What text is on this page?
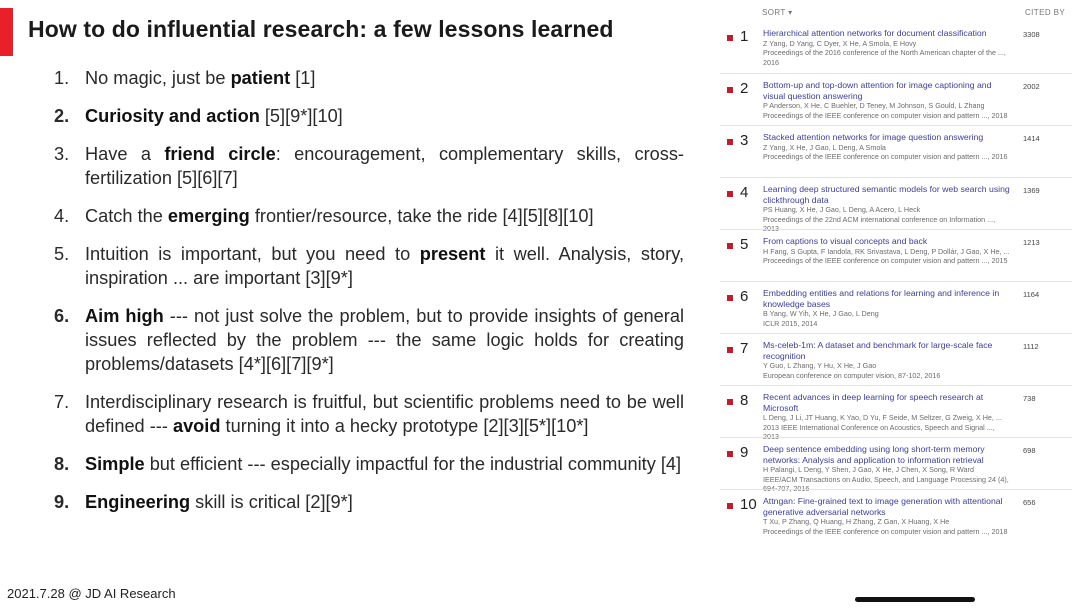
How to do influential research: a few lessons learned
1. No magic, just be patient [1]
2. Curiosity and action [5][9*][10]
3. Have a friend circle: encouragement, complementary skills, cross-fertilization [5][6][7]
4. Catch the emerging frontier/resource, take the ride [4][5][8][10]
5. Intuition is important, but you need to present it well. Analysis, story, inspiration ... are important [3][9*]
6. Aim high --- not just solve the problem, but to provide insights of general issues reflected by the problem --- the same logic holds for creating problems/datasets [4*][6][7][9*]
7. Interdisciplinary research is fruitful, but scientific problems need to be well defined --- avoid turning it into a hecky prototype [2][3][5*][10*]
8. Simple but efficient --- especially impactful for the industrial community [4]
9. Engineering skill is critical [2][9*]
2021.7.28 @ JD AI Research
SORT ▾	CITED BY
1	Hierarchical attention networks for document classification
Z Yang, D Yang, C Dyer, X He, A Smola, E Hovy
Proceedings of the 2016 conference of the North American chapter of the ..., 2016
3308
2	Bottom-up and top-down attention for image captioning and visual question answering
P Anderson, X He, C Buehler, D Teney, M Johnson, S Gould, L Zhang
Proceedings of the IEEE conference on computer vision and pattern ..., 2018
2002
3	Stacked attention networks for image question answering
Z Yang, X He, J Gao, L Deng, A Smola
Proceedings of the IEEE conference on computer vision and pattern ..., 2016
1414
4	Learning deep structured semantic models for web search using clickthrough data
PS Huang, X He, J Gao, L Deng, A Acero, L Heck
Proceedings of the 22nd ACM international conference on Information ..., 2013
1369
5	From captions to visual concepts and back
H Fang, S Gupta, F Iandola, RK Srivastava, L Deng, P Dollár, J Gao, X He, ...
Proceedings of the IEEE conference on computer vision and pattern ..., 2015
1213
6	Embedding entities and relations for learning and inference in knowledge bases
B Yang, W Yih, X He, J Gao, L Deng
ICLR 2015, 2014
1164
7	Ms-celeb-1m: A dataset and benchmark for large-scale face recognition
Y Guo, L Zhang, Y Hu, X He, J Gao
European conference on computer vision, 87-102, 2016
1112
8	Recent advances in deep learning for speech research at Microsoft
L Deng, J Li, JT Huang, K Yao, D Yu, F Seide, M Seltzer, G Zweig, X He, ...
2013 IEEE International Conference on Acoustics, Speech and Signal ..., 2013
738
9	Deep sentence embedding using long short-term memory networks: Analysis and application to information retrieval
H Palangi, L Deng, Y Shen, J Gao, X He, J Chen, X Song, R Ward
IEEE/ACM Transactions on Audio, Speech, and Language Processing 24 (4), 694-707, 2016
698
10 Attngan: Fine-grained text to image generation with attentional generative adversarial networks
T Xu, P Zhang, Q Huang, H Zhang, Z Gan, X Huang, X He
Proceedings of the IEEE conference on computer vision and pattern ..., 2018
656
